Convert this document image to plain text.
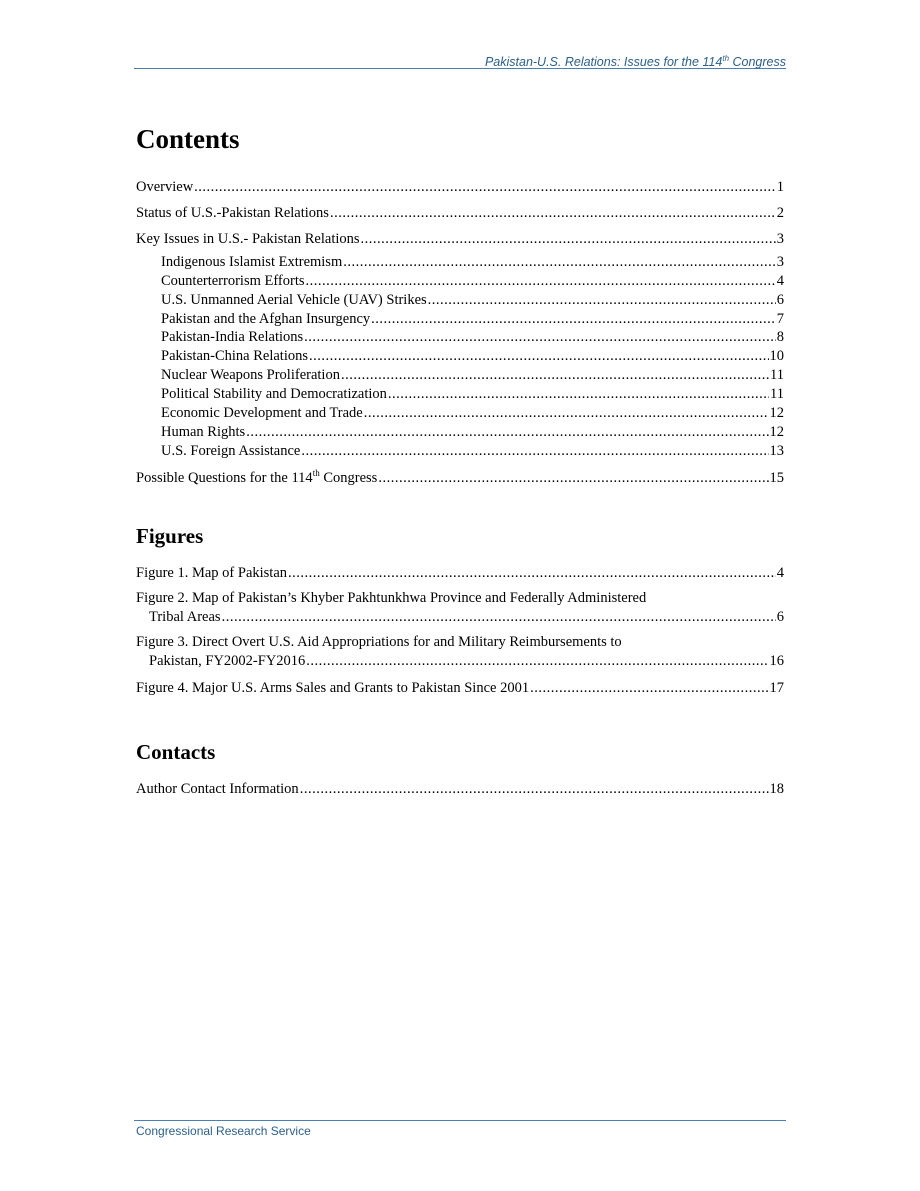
Pakistan-U.S. Relations: Issues for the 114th Congress
Contents
Overview .....	1
Status of U.S.-Pakistan Relations .....	2
Key Issues in U.S.- Pakistan Relations .....	3
Indigenous Islamist Extremism .....	3
Counterterrorism Efforts .....	4
U.S. Unmanned Aerial Vehicle (UAV) Strikes .....	6
Pakistan and the Afghan Insurgency .....	7
Pakistan-India Relations .....	8
Pakistan-China Relations .....	10
Nuclear Weapons Proliferation .....	11
Political Stability and Democratization .....	11
Economic Development and Trade .....	12
Human Rights .....	12
U.S. Foreign Assistance .....	13
Possible Questions for the 114th Congress .....	15
Figures
Figure 1. Map of Pakistan .....	4
Figure 2. Map of Pakistan’s Khyber Pakhtunkhwa Province and Federally Administered
Tribal Areas .....	6
Figure 3. Direct Overt U.S. Aid Appropriations for and Military Reimbursements to
Pakistan, FY2002-FY2016 .....	16
Figure 4. Major U.S. Arms Sales and Grants to Pakistan Since 2001 .....	17
Contacts
Author Contact Information .....	18
Congressional Research Service
